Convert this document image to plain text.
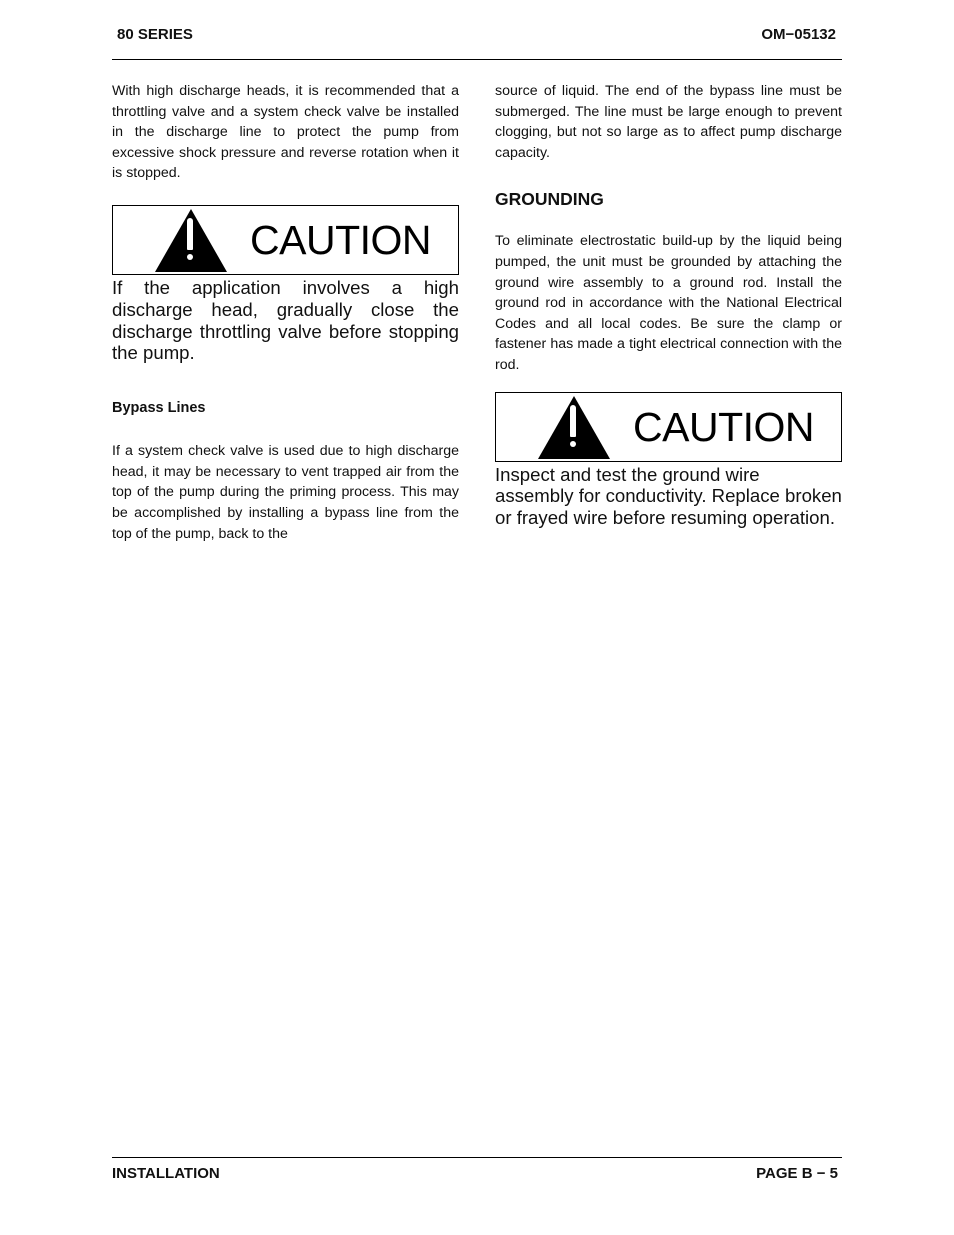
80 SERIES	OM−05132

With high discharge heads, it is recommended that a throttling valve and a system check valve be installed in the discharge line to protect the pump from excessive shock pressure and reverse rotation when it is stopped.

CAUTION

If the application involves a high discharge head, gradually close the discharge throttling valve before stopping the pump.

Bypass Lines

If a system check valve is used due to high discharge head, it may be necessary to vent trapped air from the top of the pump during the priming process. This may be accomplished by installing a bypass line from the top of the pump, back to the

source of liquid. The end of the bypass line must be submerged. The line must be large enough to prevent clogging, but not so large as to affect pump discharge capacity.

GROUNDING

To eliminate electrostatic build-up by the liquid being pumped, the unit must be grounded by attaching the ground wire assembly to a ground rod. Install the ground rod in accordance with the National Electrical Codes and all local codes. Be sure the clamp or fastener has made a tight electrical connection with the rod.

CAUTION

Inspect and test the ground wire assembly for conductivity. Replace broken or frayed wire before resuming operation.

INSTALLATION	PAGE B − 5
